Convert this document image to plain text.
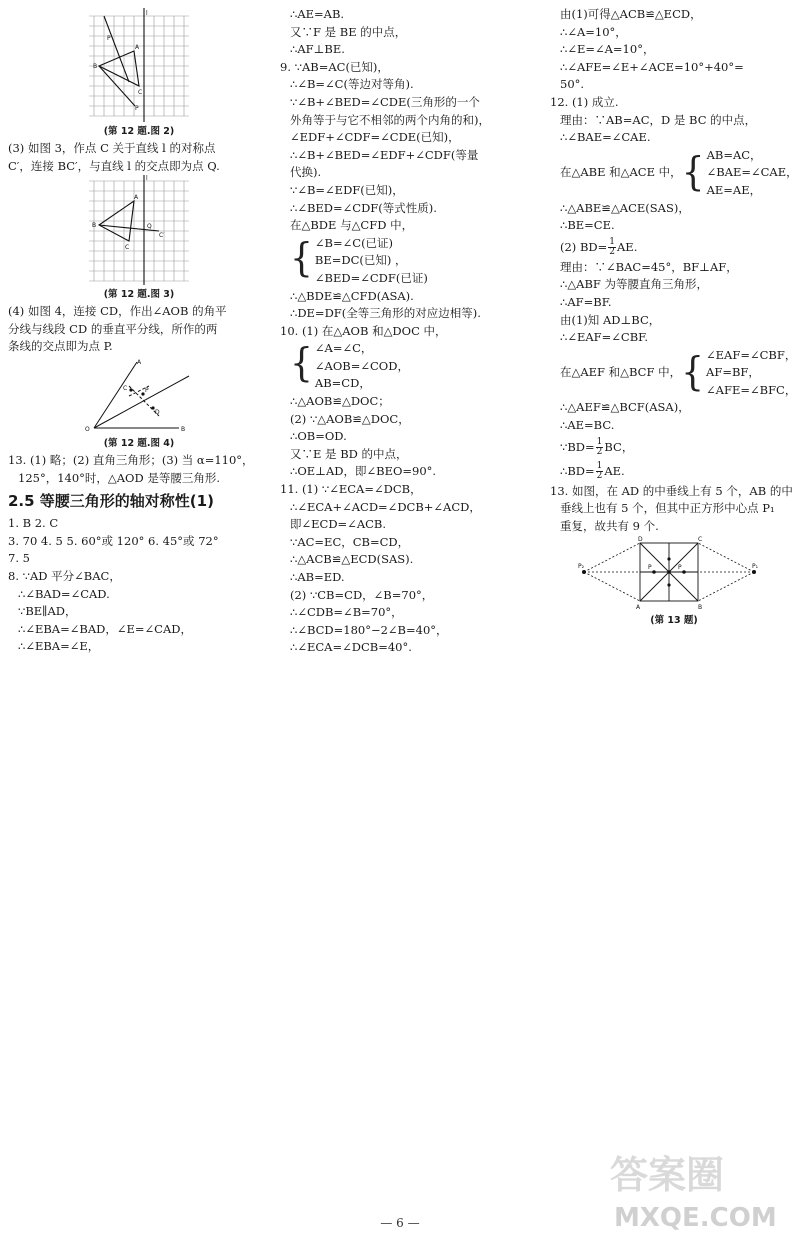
B
A
C
l
P
P
(第 12 题.图 2)

(3) 如图 3，作点 C 关于直线 l 的对称点

C′，连接 BC′，与直线 l 的交点即为点 Q.

B
A
C
Q
C′
l
(第 12 题.图 3)

(4) 如图 4，连接 CD，作出∠AOB 的角平

分线与线段 CD 的垂直平分线，所作的两

条线的交点即为点 P.

O	B
A
C
D
P
(第 12 题.图 4)

13. (1) 略；(2) 直角三角形；(3) 当 α=110°，

125°，140°时，△AOD 是等腰三角形.

2.5 等腰三角形的轴对称性(1)

1. B 2. C

3. 70 4. 5 5. 60°或 120° 6. 45°或 72°

7. 5

8. ∵AD 平分∠BAC，

∴∠BAD=∠CAD.

∵BE∥AD，

∴∠EBA=∠BAD，∠E=∠CAD，

∴∠EBA=∠E，

∴AE=AB.

又∵F 是 BE 的中点，

∴AF⊥BE.

9. ∵AB=AC(已知)，

∴∠B=∠C(等边对等角).

∵∠B+∠BED=∠CDE(三角形的一个

外角等于与它不相邻的两个内角的和)，

∠EDF+∠CDF=∠CDE(已知)，

∴∠B+∠BED=∠EDF+∠CDF(等量

代换).

∵∠B=∠EDF(已知)，

∴∠BED=∠CDF(等式性质).

在△BDE 与△CFD 中，

{ ∠B=∠C(已证)

BE=DC(已知) ，

∠BED=∠CDF(已证)

∴△BDE≌△CFD(ASA).

∴DE=DF(全等三角形的对应边相等).

10. (1) 在△AOB 和△DOC 中，

{ ∠A=∠C，

∠AOB=∠COD，

AB=CD，

∴△AOB≌△DOC；

(2) ∵△AOB≌△DOC，

∴OB=OD.

又∵E 是 BD 的中点，

∴OE⊥AD，即∠BEO=90°.

11. (1) ∵∠ECA=∠DCB，

∴∠ECA+∠ACD=∠DCB+∠ACD，

即∠ECD=∠ACB.

∵AC=EC，CB=CD，

∴△ACB≌△ECD(SAS).

∴AB=ED.

(2) ∵CB=CD，∠B=70°，

∴∠CDB=∠B=70°，

∴∠BCD=180°−2∠B=40°，

∴∠ECA=∠DCB=40°.

由(1)可得△ACB≌△ECD，

∴∠A=10°，

∴∠E=∠A=10°，

∴∠AFE=∠E+∠ACE=10°+40°=

50°.

12. (1) 成立.

理由：∵AB=AC，D 是 BC 的中点，

∴∠BAE=∠CAE.

在△ABE 和△ACE 中， { AB=AC，

∠BAE=∠CAE，

AE=AE，

∴△ABE≌△ACE(SAS)，

∴BE=CE.

(2) $BD= \frac{1}{2}$ AE.

理由：∵∠BAC=45°，BF⊥AF，

∴△ABF 为等腰直角三角形，

∴AF=BF.

由(1)知 AD⊥BC，

∴∠EAF=∠CBF.

在△AEF 和△BCF 中， { ∠EAF=∠CBF，

AF=BF，

∠AFE=∠BFC，

∴△AEF≌△BCF(ASA)，

∴AE=BC.

∵BD= $\frac{1}{2}$ BC，

∴BD= $\frac{1}{2}$ AE.

13. 如图，在 AD 的中垂线上有 5 个，AB 的中

垂线上也有 5 个，但其中正方形中心点 P₁

重复，故共有 9 个.

P₂	P₁
D	C
A	B
P	P
(第 13 题)
答案圈
MXQE.COM
— 6 —
